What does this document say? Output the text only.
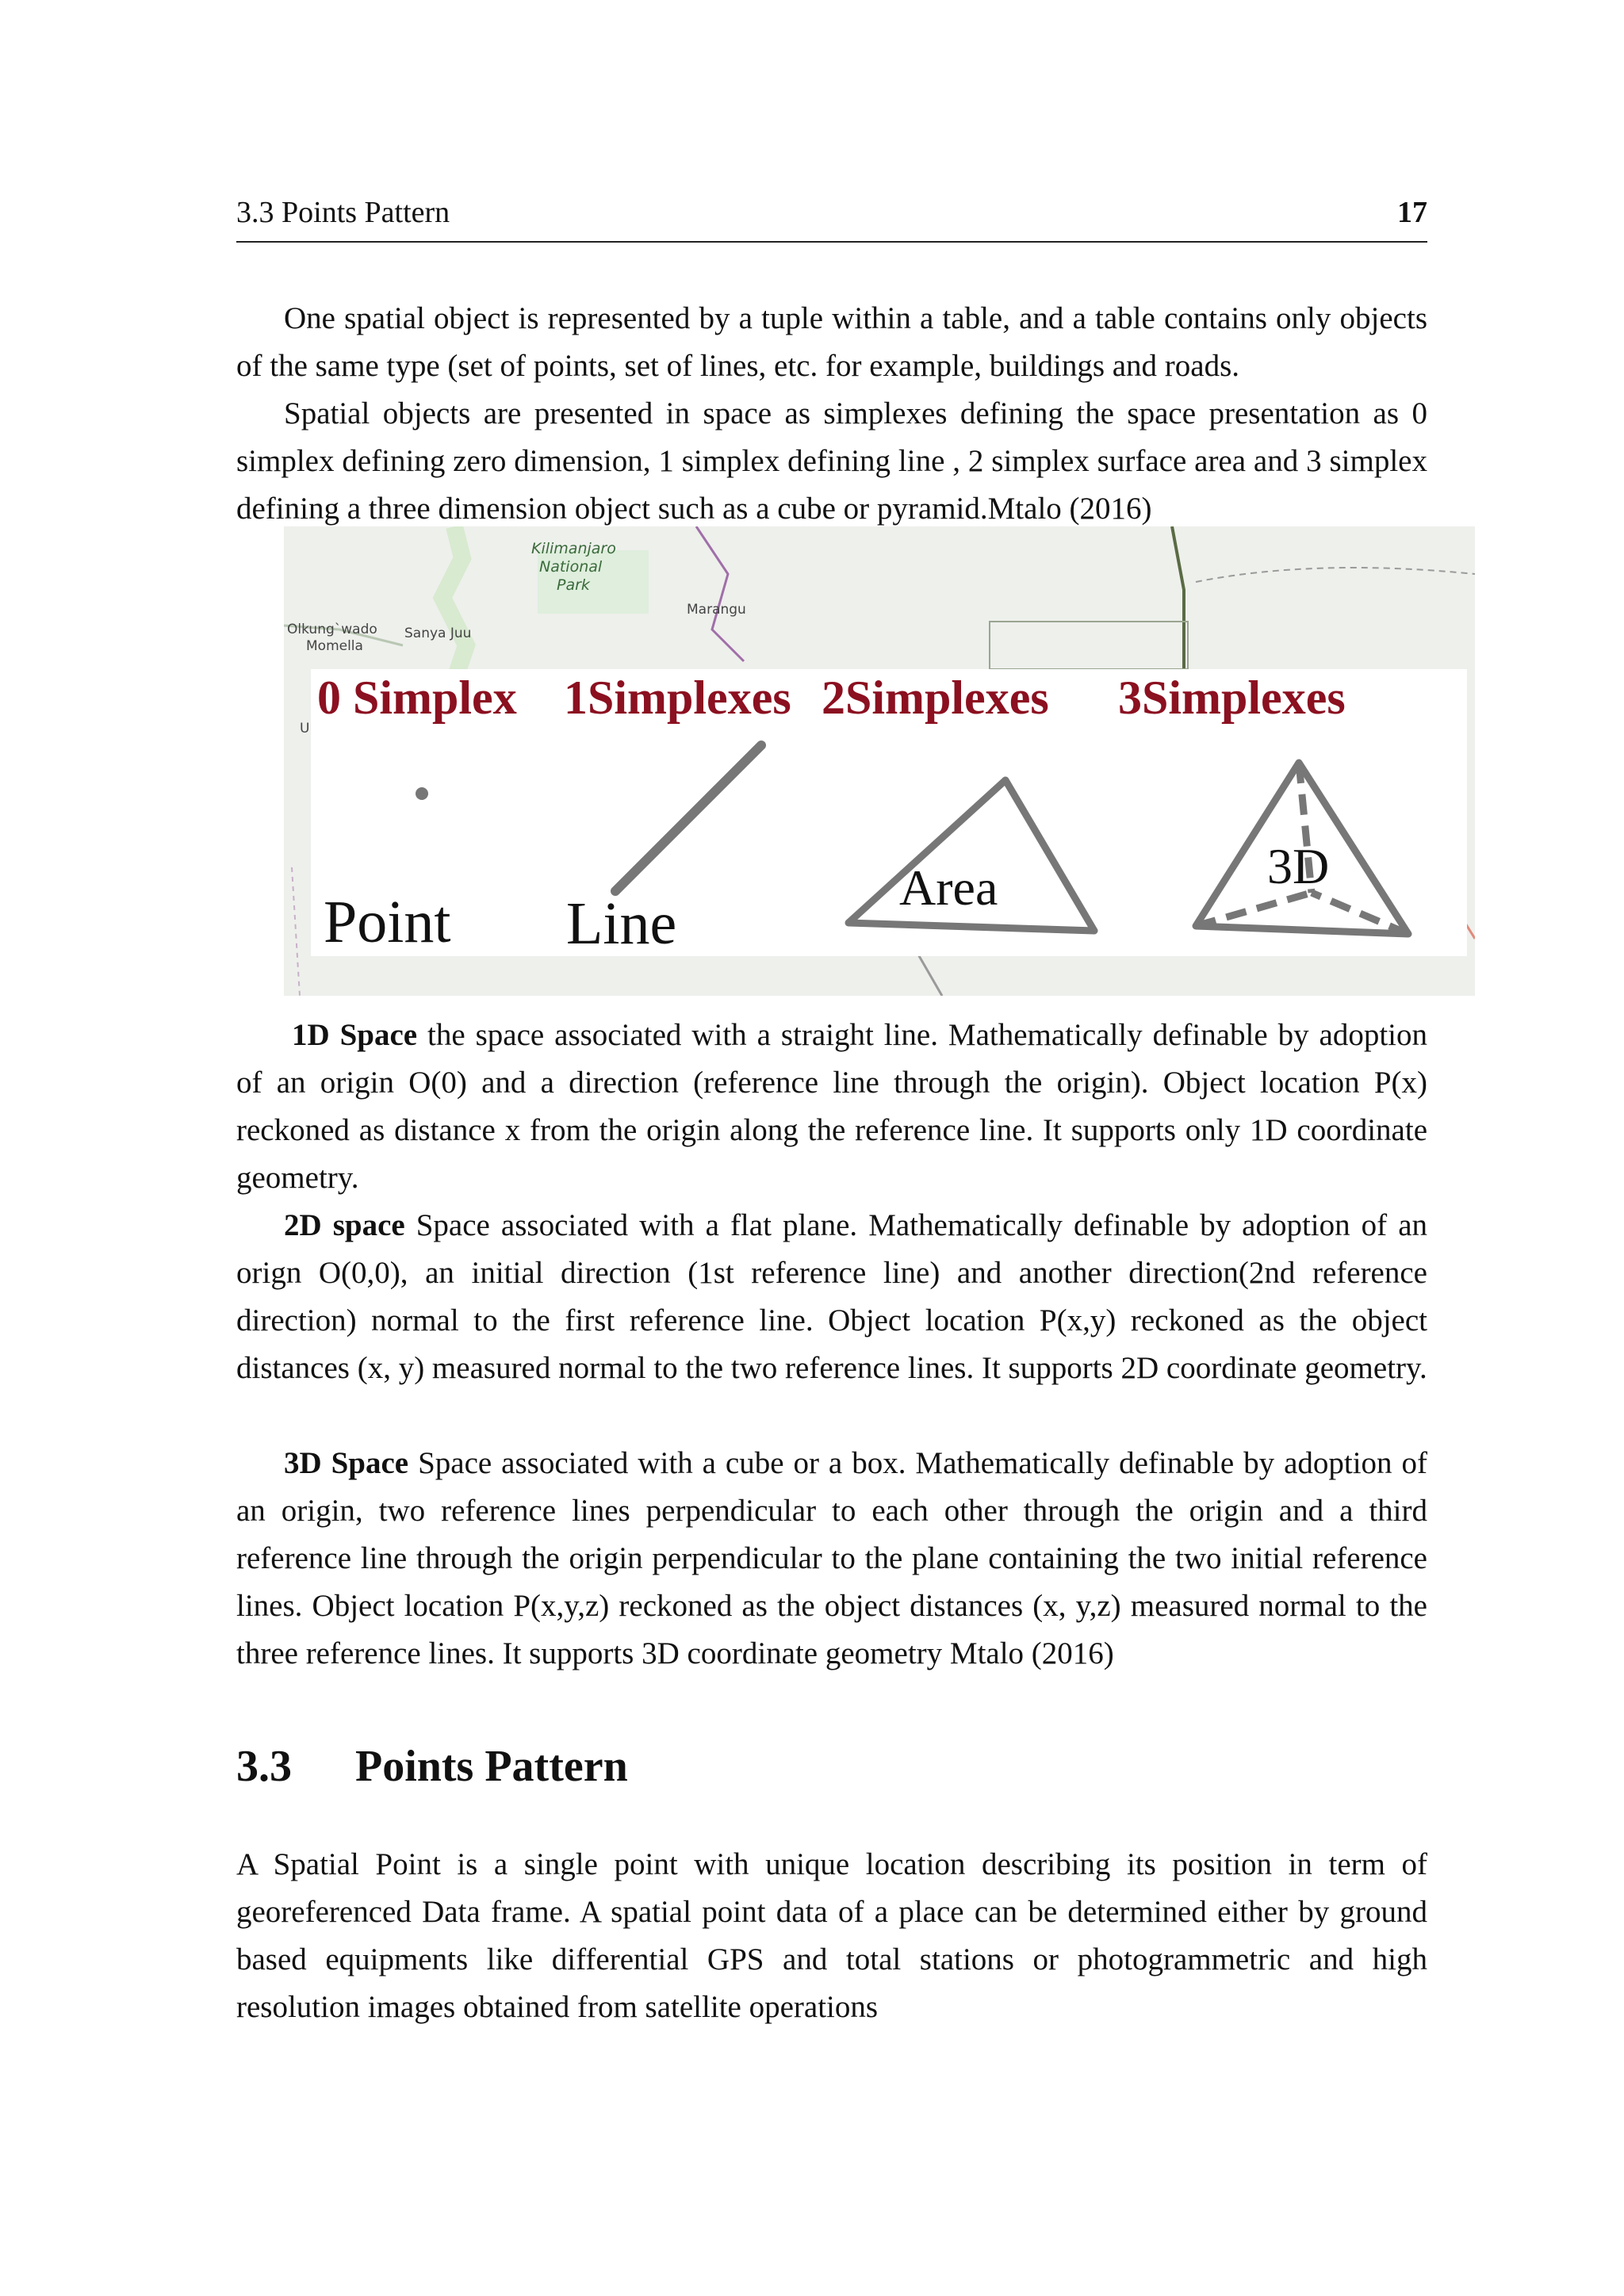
3.3 Points Pattern	17

One spatial object is represented by a tuple within a table, and a table contains only objects of the same type (set of points, set of lines, etc. for example, buildings and roads.

Spatial objects are presented in space as simplexes defining the space presentation as 0 simplex defining zero dimension, 1 simplex defining line , 2 simplex surface area and 3 simplex defining a three dimension object such as a cube or pyramid.Mtalo (2016)

Kilimanjaro
National
Park
Marangu
Olkung`wado
Momella
Sanya Juu
U
0 Simplex 1Simplexes 2Simplexes 3Simplexes
Point Line
Area	3D

1D Space the space associated with a straight line. Mathematically definable by adoption of an origin O(0) and a direction (reference line through the origin). Object location P(x) reckoned as distance x from the origin along the reference line. It supports only 1D coordinate geometry.

2D space Space associated with a flat plane. Mathematically definable by adoption of an orign O(0,0), an initial direction (1st reference line) and another direction(2nd reference direction) normal to the first reference line. Object location P(x,y) reckoned as the object distances (x, y) measured normal to the two reference lines. It supports 2D coordinate geometry.

3D Space Space associated with a cube or a box. Mathematically definable by adoption of an origin, two reference lines perpendicular to each other through the origin and a third reference line through the origin perpendicular to the plane containing the two initial reference lines. Object location P(x,y,z) reckoned as the object distances (x, y,z) measured normal to the three reference lines. It supports 3D coordinate geometry Mtalo (2016)

3.3 Points Pattern

A Spatial Point is a single point with unique location describing its position in term of georeferenced Data frame. A spatial point data of a place can be determined either by ground based equipments like differential GPS and total stations or photogrammetric and high resolution images obtained from satellite operations
